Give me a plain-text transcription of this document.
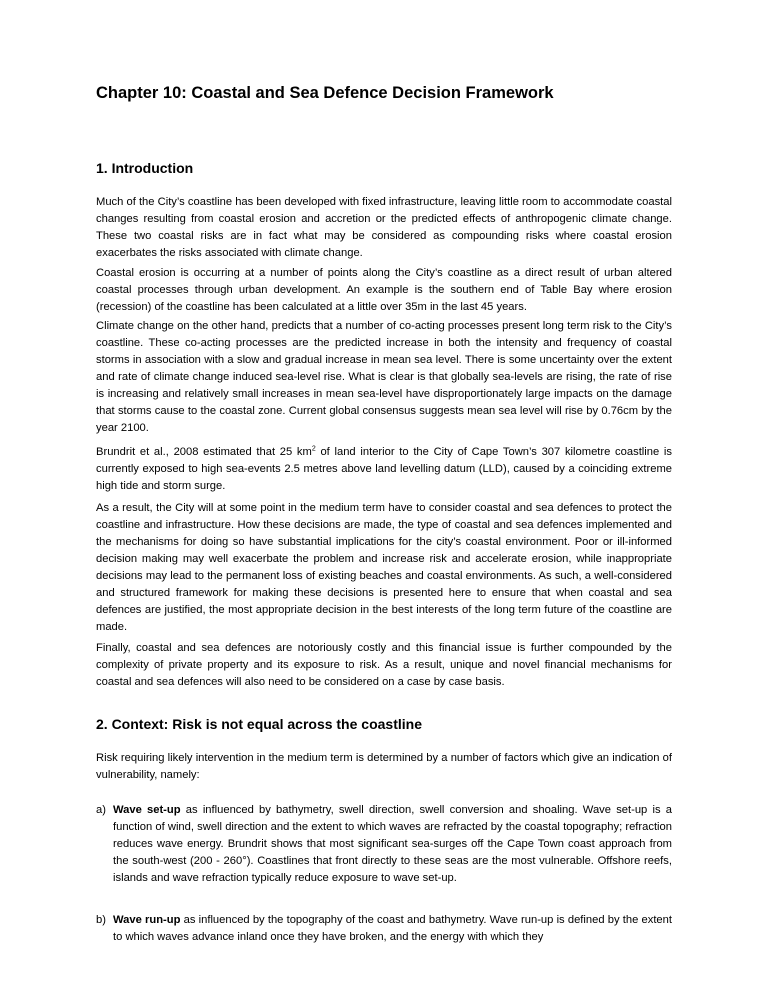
Chapter 10: Coastal and Sea Defence Decision Framework
1. Introduction

Much of the City’s coastline has been developed with fixed infrastructure, leaving little room to accommodate coastal changes resulting from coastal erosion and accretion or the predicted effects of anthropogenic climate change. These two coastal risks are in fact what may be considered as compounding risks where coastal erosion exacerbates the risks associated with climate change.

Coastal erosion is occurring at a number of points along the City’s coastline as a direct result of urban altered coastal processes through urban development. An example is the southern end of Table Bay where erosion (recession) of the coastline has been calculated at a little over 35m in the last 45 years.

Climate change on the other hand, predicts that a number of co-acting processes present long term risk to the City’s coastline. These co-acting processes are the predicted increase in both the intensity and frequency of coastal storms in association with a slow and gradual increase in mean sea level. There is some uncertainty over the extent and rate of climate change induced sea-level rise. What is clear is that globally sea-levels are rising, the rate of rise is increasing and relatively small increases in mean sea-level have disproportionately large impacts on the damage that storms cause to the coastal zone. Current global consensus suggests mean sea level will rise by 0.76cm by the year 2100.

Brundrit et al., 2008 estimated that 25 $km^2$ of land interior to the City of Cape Town’s 307 kilometre coastline is currently exposed to high sea-events 2.5 metres above land levelling datum (LLD), caused by a coinciding extreme high tide and storm surge.

As a result, the City will at some point in the medium term have to consider coastal and sea defences to protect the coastline and infrastructure. How these decisions are made, the type of coastal and sea defences implemented and the mechanisms for doing so have substantial implications for the city’s coastal environment. Poor or ill-informed decision making may well exacerbate the problem and increase risk and accelerate erosion, while inappropriate decisions may lead to the permanent loss of existing beaches and coastal environments. As such, a well-considered and structured framework for making these decisions is presented here to ensure that when coastal and sea defences are justified, the most appropriate decision in the best interests of the long term future of the coastline are made.

Finally, coastal and sea defences are notoriously costly and this financial issue is further compounded by the complexity of private property and its exposure to risk. As a result, unique and novel financial mechanisms for coastal and sea defences will also need to be considered on a case by case basis.

2. Context: Risk is not equal across the coastline

Risk requiring likely intervention in the medium term is determined by a number of factors which give an indication of vulnerability, namely:

a) Wave set-up as influenced by bathymetry, swell direction, swell conversion and shoaling. Wave set-up is a function of wind, swell direction and the extent to which waves are refracted by the coastal topography; refraction reduces wave energy. Brundrit shows that most significant sea-surges off the Cape Town coast approach from the south-west (200 - 260°). Coastlines that front directly to these seas are the most vulnerable. Offshore reefs, islands and wave refraction typically reduce exposure to wave set-up.
b) Wave run-up as influenced by the topography of the coast and bathymetry. Wave run-up is defined by the extent to which waves advance inland once they have broken, and the energy with which they
